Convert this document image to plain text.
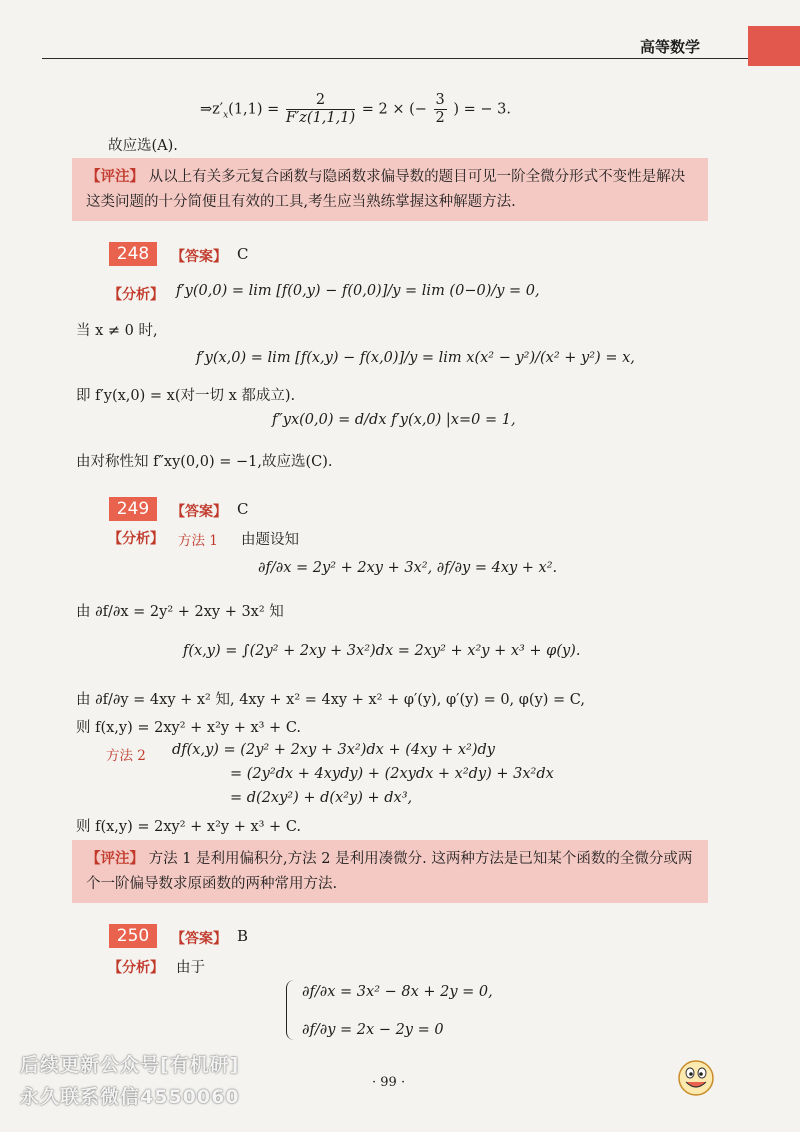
高等数学
$\Rightarrow z'_x(1,1) = \frac{2}{F'z(1,1,1)} = 2$ × (− $\frac{3}{2}$ ) = − 3.
故应选(A).
【评注】 从以上有关多元复合函数与隐函数求偏导数的题目可见一阶全微分形式不变性是解决这类问题的十分简便且有效的工具,考生应当熟练掌握这种解题方法.
248	【答案】 C
【分析】 f′y(0,0) = lim [f(0,y) − f(0,0)]/y = lim (0−0)/y = 0,
当 x ≠ 0 时,
f′y(x,0) = lim [f(x,y) − f(x,0)]/y = lim x(x² − y²)/(x² + y²) = x,
即 f′y(x,0) = x(对一切 x 都成立).
f″yx(0,0) = d/dx f′y(x,0) |x=0 = 1,
由对称性知 f″xy(0,0) = −1,故应选(C).
249	【答案】 C
【分析】 方法 1 由题设知
∂f/∂x = 2y² + 2xy + 3x², ∂f/∂y = 4xy + x².
由 ∂f/∂x = 2y² + 2xy + 3x² 知
f(x,y) = ∫(2y² + 2xy + 3x²)dx = 2xy² + x²y + x³ + φ(y).
由 ∂f/∂y = 4xy + x² 知, 4xy + x² = 4xy + x² + φ′(y), φ′(y) = 0, φ(y) = C,
则 f(x,y) = 2xy² + x²y + x³ + C.
方法 2 df(x,y) = (2y² + 2xy + 3x²)dx + (4xy + x²)dy
= (2y²dx + 4xydy) + (2xydx + x²dy) + 3x²dx
= d(2xy²) + d(x²y) + dx³,
则 f(x,y) = 2xy² + x²y + x³ + C.
【评注】 方法 1 是利用偏积分,方法 2 是利用凑微分. 这两种方法是已知某个函数的全微分或两个一阶偏导数求原函数的两种常用方法.
250	【答案】 B
【分析】 由于
∂f/∂x = 3x² − 8x + 2y = 0,
∂f/∂y = 2x − 2y = 0
· 99 ·
后续更新公众号[有机研]
永久联系微信4550060
